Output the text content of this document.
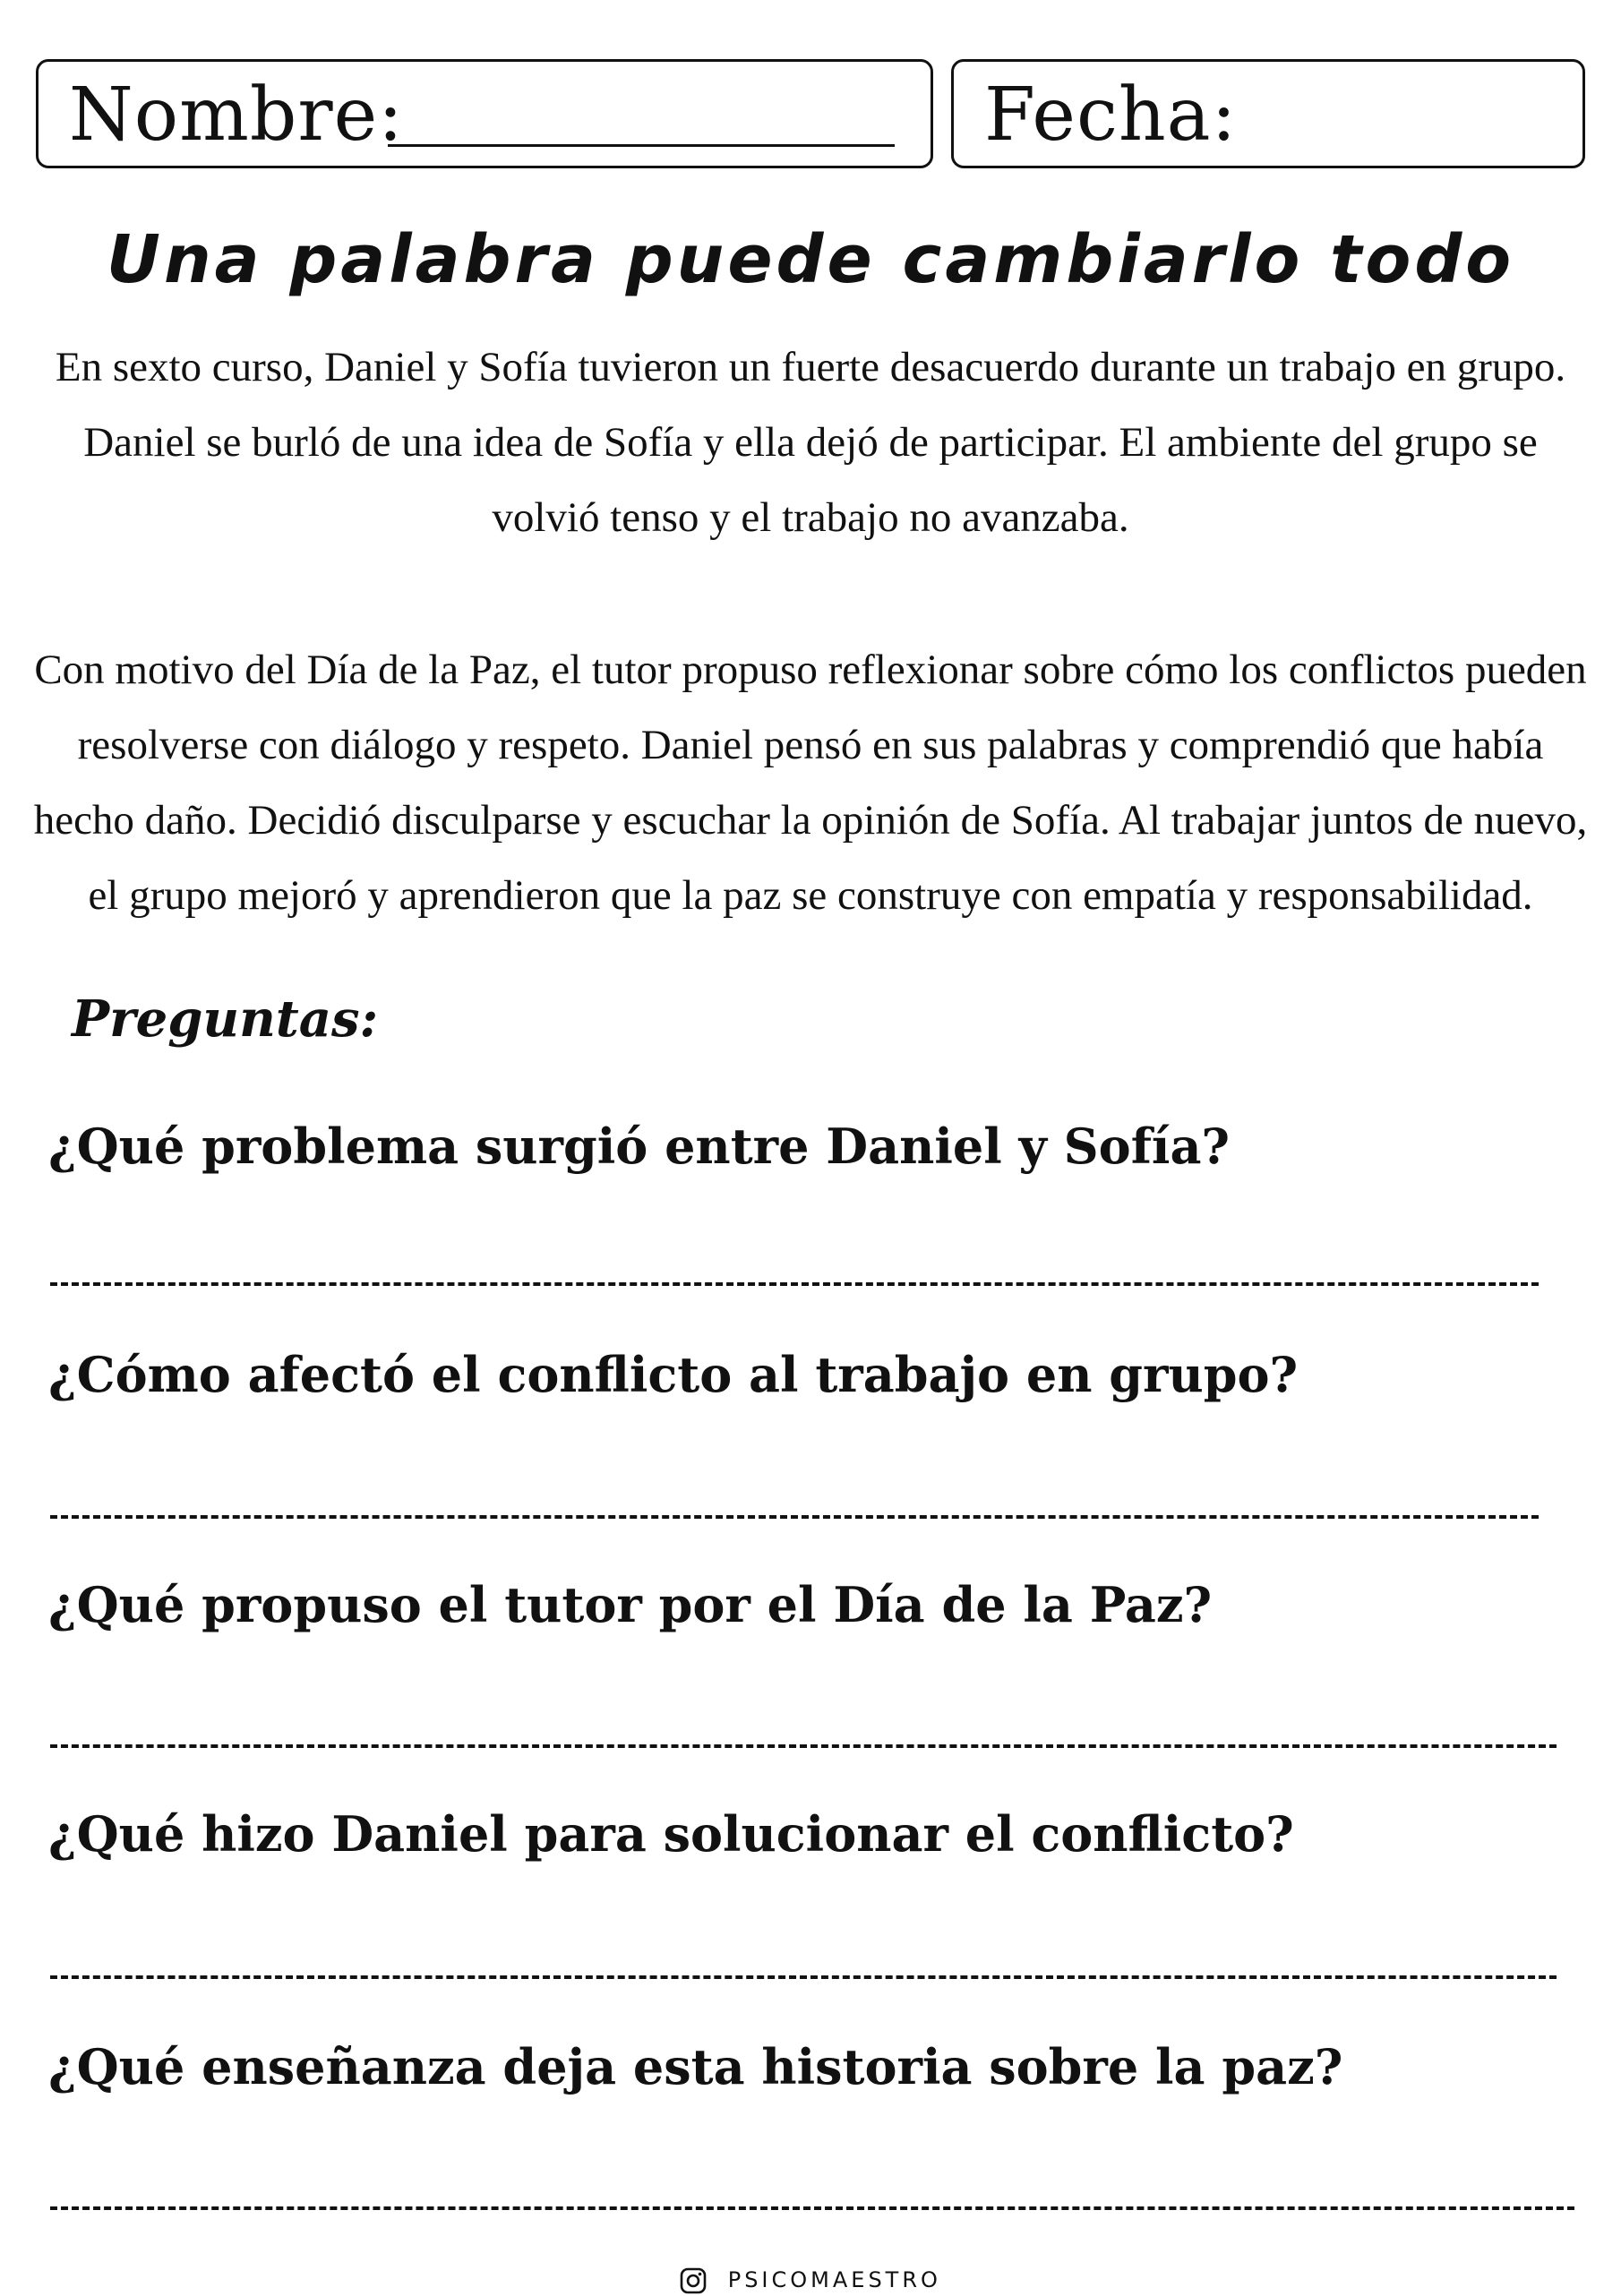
Nombre:	Fecha:
Una palabra puede cambiarlo todo

En sexto curso, Daniel y Sofía tuvieron un fuerte desacuerdo durante un trabajo en grupo. Daniel se burló de una idea de Sofía y ella dejó de participar. El ambiente del grupo se volvió tenso y el trabajo no avanzaba.

Con motivo del Día de la Paz, el tutor propuso reflexionar sobre cómo los conflictos pueden resolverse con diálogo y respeto. Daniel pensó en sus palabras y comprendió que había hecho daño. Decidió disculparse y escuchar la opinión de Sofía. Al trabajar juntos de nuevo, el grupo mejoró y aprendieron que la paz se construye con empatía y responsabilidad.

Preguntas:

¿Qué problema surgió entre Daniel y Sofía?

¿Cómo afectó el conflicto al trabajo en grupo?

¿Qué propuso el tutor por el Día de la Paz?

¿Qué hizo Daniel para solucionar el conflicto?

¿Qué enseñanza deja esta historia sobre la paz?

PSICOMAESTRO
